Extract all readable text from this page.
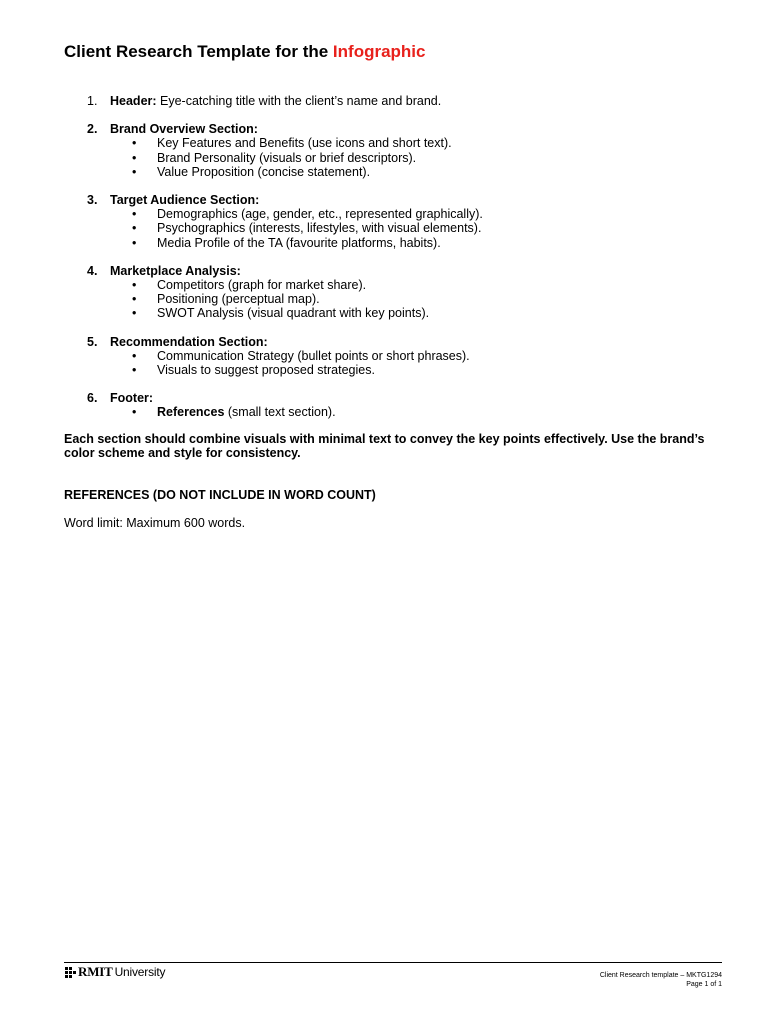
Client Research Template for the Infographic
1. Header: Eye-catching title with the client’s name and brand.
2. Brand Overview Section:
• Key Features and Benefits (use icons and short text).
• Brand Personality (visuals or brief descriptors).
• Value Proposition (concise statement).
3. Target Audience Section:
• Demographics (age, gender, etc., represented graphically).
• Psychographics (interests, lifestyles, with visual elements).
• Media Profile of the TA (favourite platforms, habits).
4. Marketplace Analysis:
• Competitors (graph for market share).
• Positioning (perceptual map).
• SWOT Analysis (visual quadrant with key points).
5. Recommendation Section:
• Communication Strategy (bullet points or short phrases).
• Visuals to suggest proposed strategies.
6. Footer:
• References (small text section).

Each section should combine visuals with minimal text to convey the key points effectively. Use the brand’s color scheme and style for consistency.

REFERENCES (DO NOT INCLUDE IN WORD COUNT)

Word limit: Maximum 600 words.

RMIT University	Client Research template – MKTG1294
Page 1 of 1
